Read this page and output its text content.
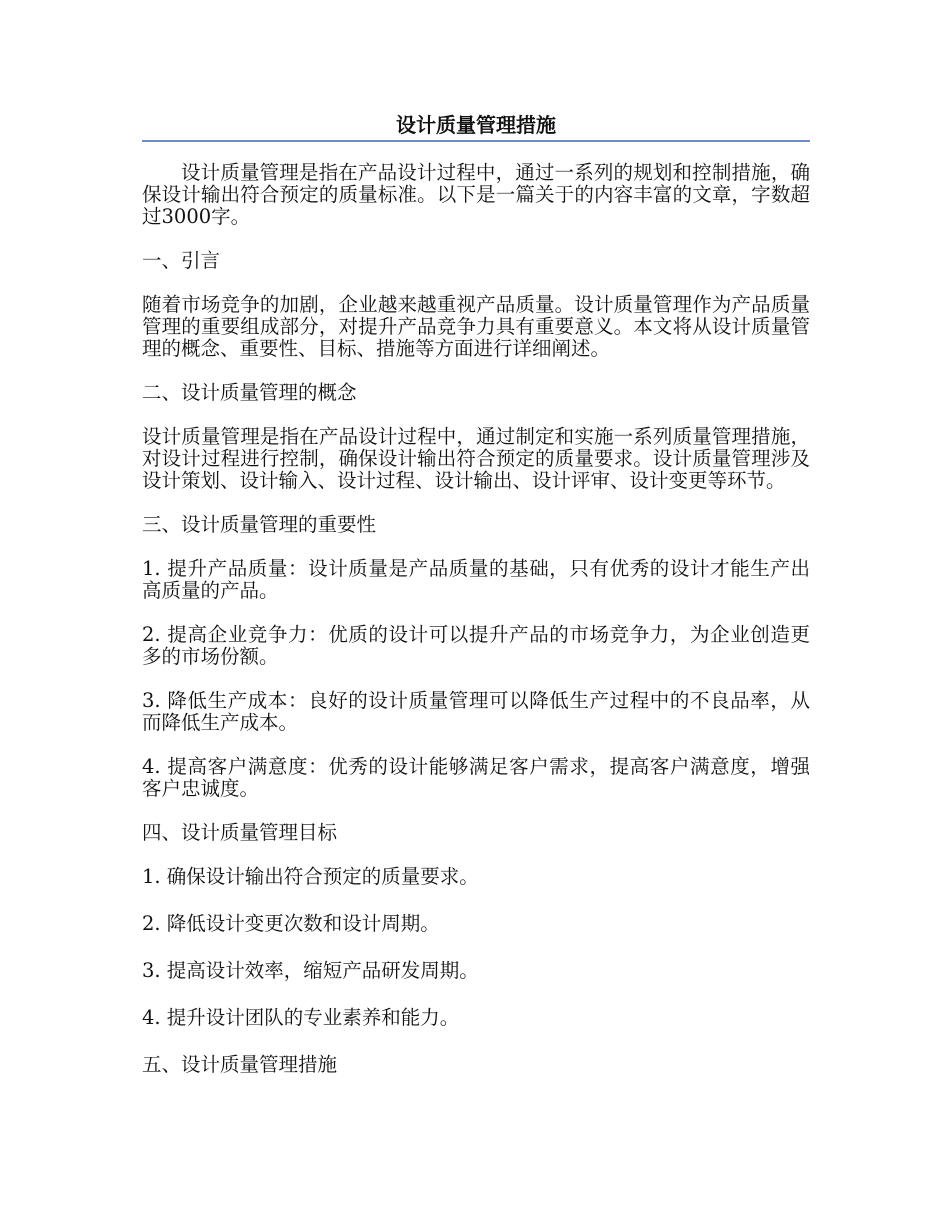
设计质量管理措施

设计质量管理是指在产品设计过程中，通过一系列的规划和控制措施，确保设计输出符合预定的质量标准。以下是一篇关于的内容丰富的文章，字数超过3000字。

一、引言

随着市场竞争的加剧，企业越来越重视产品质量。设计质量管理作为产品质量管理的重要组成部分，对提升产品竞争力具有重要意义。本文将从设计质量管理的概念、重要性、目标、措施等方面进行详细阐述。

二、设计质量管理的概念

设计质量管理是指在产品设计过程中，通过制定和实施一系列质量管理措施，对设计过程进行控制，确保设计输出符合预定的质量要求。设计质量管理涉及设计策划、设计输入、设计过程、设计输出、设计评审、设计变更等环节。

三、设计质量管理的重要性

1. 提升产品质量：设计质量是产品质量的基础，只有优秀的设计才能生产出高质量的产品。

2. 提高企业竞争力：优质的设计可以提升产品的市场竞争力，为企业创造更多的市场份额。

3. 降低生产成本：良好的设计质量管理可以降低生产过程中的不良品率，从而降低生产成本。

4. 提高客户满意度：优秀的设计能够满足客户需求，提高客户满意度，增强客户忠诚度。

四、设计质量管理目标

1. 确保设计输出符合预定的质量要求。

2. 降低设计变更次数和设计周期。

3. 提高设计效率，缩短产品研发周期。

4. 提升设计团队的专业素养和能力。

五、设计质量管理措施
